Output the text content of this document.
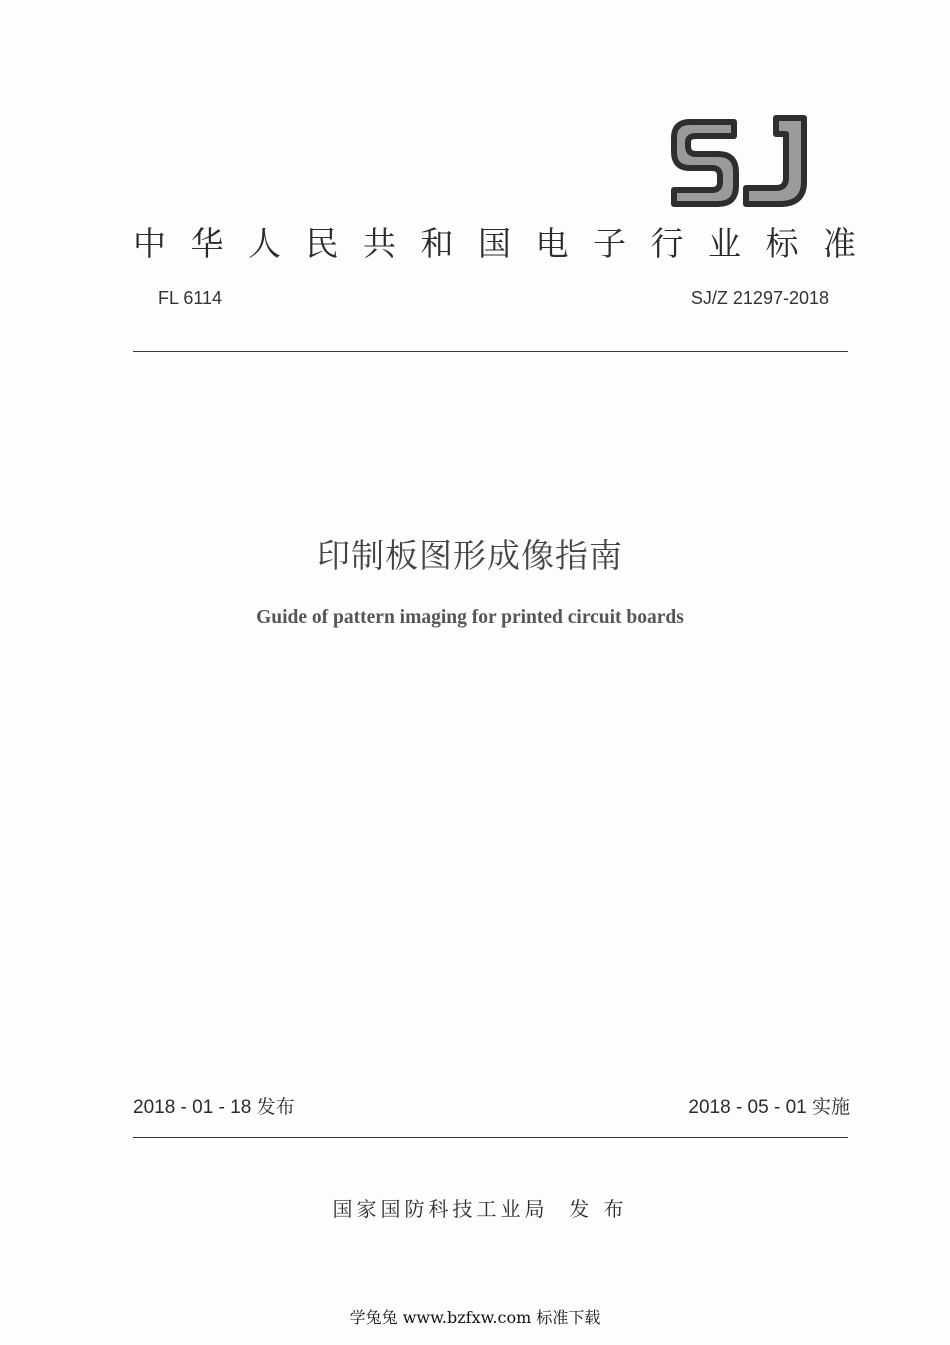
中华人民共和国电子行业标准
FL 6114	SJ/Z 21297-2018
印制板图形成像指南
Guide of pattern imaging for printed circuit boards
2018 - 01 - 18 发布	2018 - 05 - 01 实施
国家国防科技工业局  发 布
学兔兔 www.bzfxw.com 标准下载
